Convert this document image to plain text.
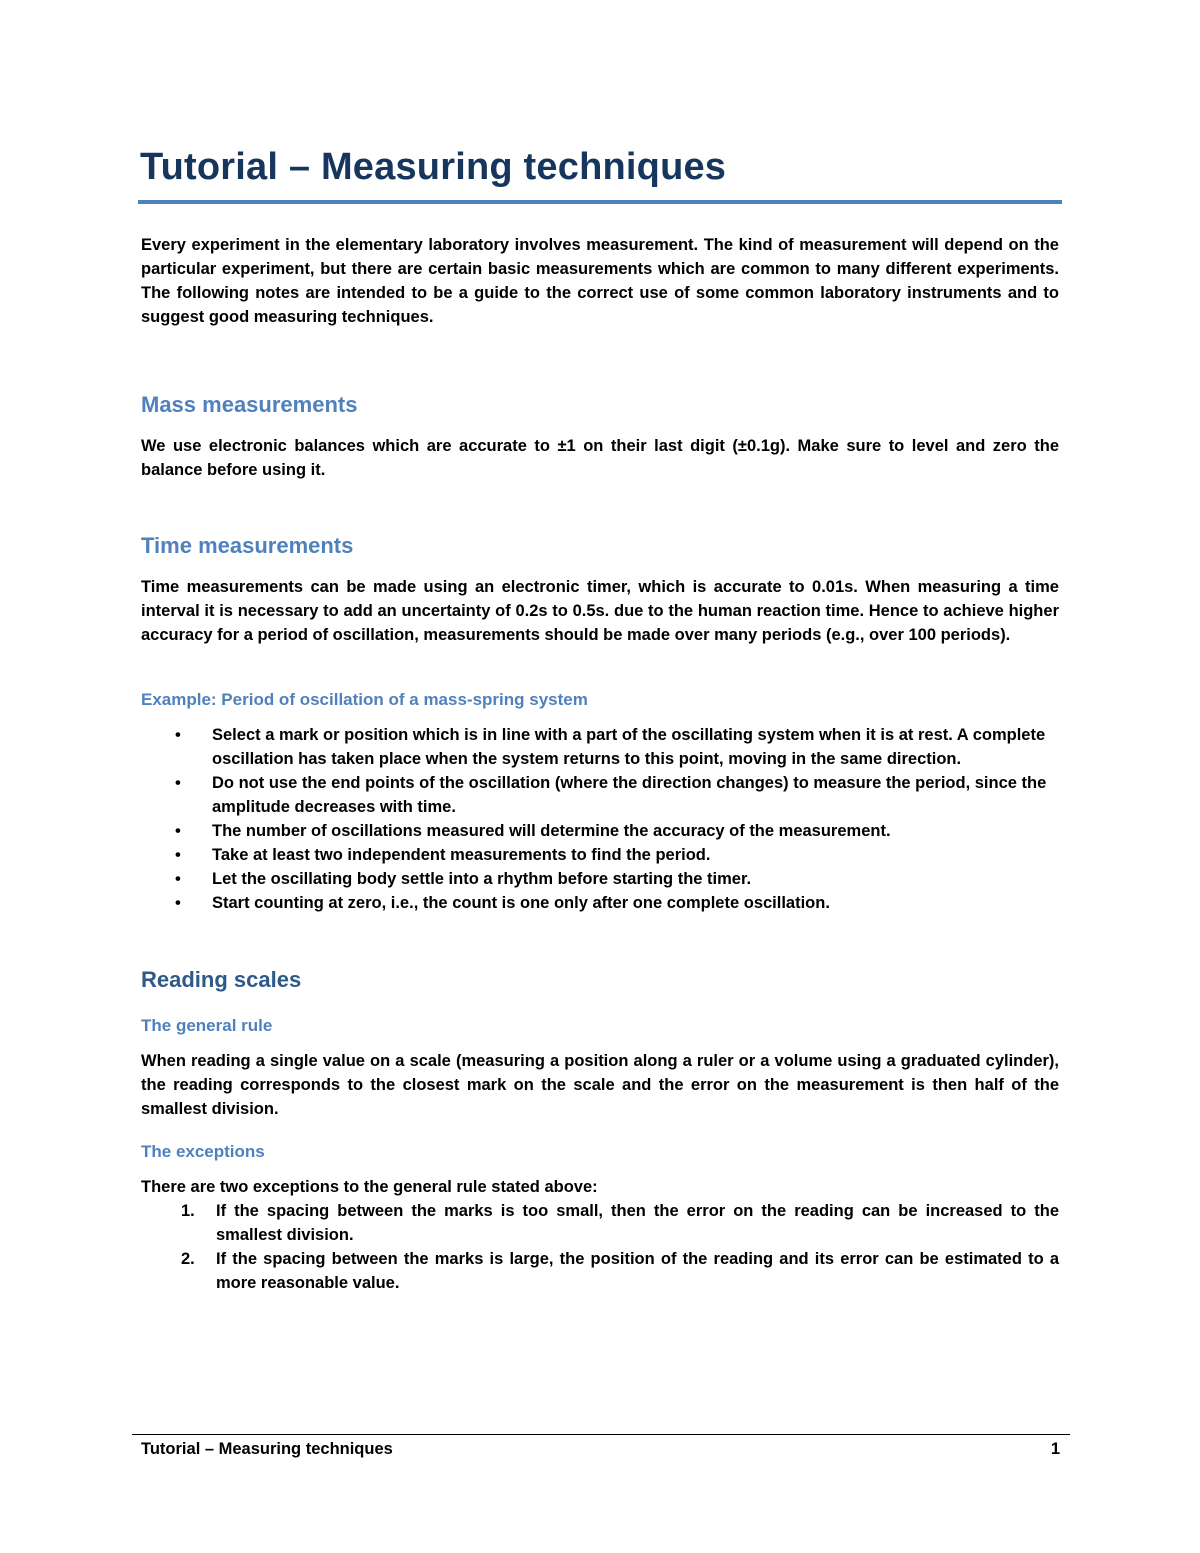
Tutorial – Measuring techniques

Every experiment in the elementary laboratory involves measurement. The kind of measurement will depend on the particular experiment, but there are certain basic measurements which are common to many different experiments. The following notes are intended to be a guide to the correct use of some common laboratory instruments and to suggest good measuring techniques.

Mass measurements

We use electronic balances which are accurate to ±1 on their last digit (±0.1g). Make sure to level and zero the balance before using it.

Time measurements

Time measurements can be made using an electronic timer, which is accurate to 0.01s. When measuring a time interval it is necessary to add an uncertainty of 0.2s to 0.5s. due to the human reaction time. Hence to achieve higher accuracy for a period of oscillation, measurements should be made over many periods (e.g., over 100 periods).

Example: Period of oscillation of a mass-spring system
•	Select a mark or position which is in line with a part of the oscillating system when it is at rest. A complete oscillation has taken place when the system returns to this point, moving in the same direction.
•	Do not use the end points of the oscillation (where the direction changes) to measure the period, since the amplitude decreases with time.
•	The number of oscillations measured will determine the accuracy of the measurement.
•	Take at least two independent measurements to find the period.
•	Let the oscillating body settle into a rhythm before starting the timer.
•	Start counting at zero, i.e., the count is one only after one complete oscillation.
Reading scales
The general rule

When reading a single value on a scale (measuring a position along a ruler or a volume using a graduated cylinder), the reading corresponds to the closest mark on the scale and the error on the measurement is then half of the smallest division.

The exceptions

There are two exceptions to the general rule stated above:

1.	If the spacing between the marks is too small, then the error on the reading can be increased to the smallest division.
2.	If the spacing between the marks is large, the position of the reading and its error can be estimated to a more reasonable value.
Tutorial – Measuring techniques	1
